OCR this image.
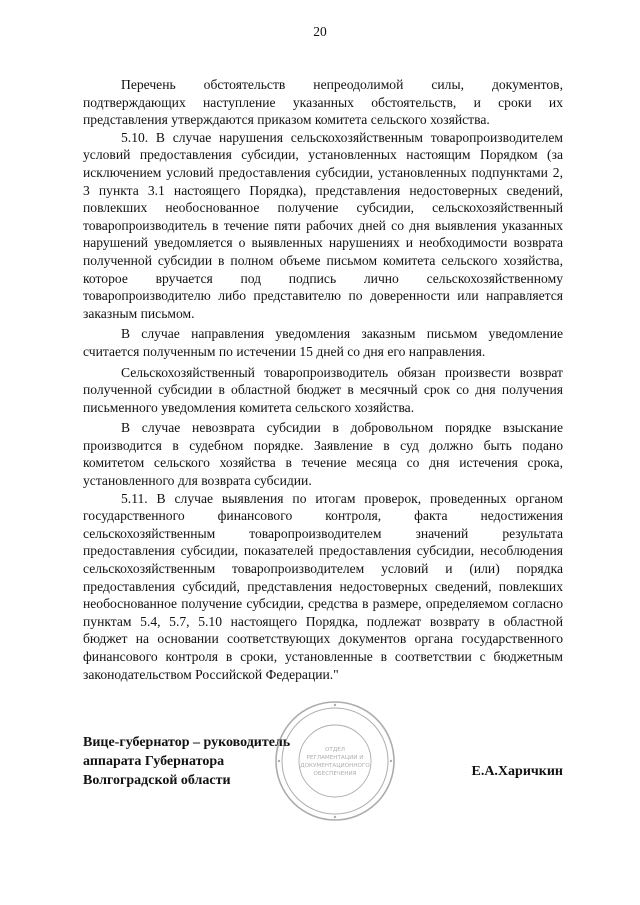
20

Перечень обстоятельств непреодолимой силы, документов, подтверждающих наступление указанных обстоятельств, и сроки их представления утверждаются приказом комитета сельского хозяйства.

5.10. В случае нарушения сельскохозяйственным товаропроизводителем условий предоставления субсидии, установленных настоящим Порядком (за исключением условий предоставления субсидии, установленных подпунктами 2, 3 пункта 3.1 настоящего Порядка), представления недостоверных сведений, повлекших необоснованное получение субсидии, сельскохозяйственный товаропроизводитель в течение пяти рабочих дней со дня выявления указанных нарушений уведомляется о выявленных нарушениях и необходимости возврата полученной субсидии в полном объеме письмом комитета сельского хозяйства, которое вручается под подпись лично сельскохозяйственному товаропроизводителю либо представителю по доверенности или направляется заказным письмом.

В случае направления уведомления заказным письмом уведомление считается полученным по истечении 15 дней со дня его направления.

Сельскохозяйственный товаропроизводитель обязан произвести возврат полученной субсидии в областной бюджет в месячный срок со дня получения письменного уведомления комитета сельского хозяйства.

В случае невозврата субсидии в добровольном порядке взыскание производится в судебном порядке. Заявление в суд должно быть подано комитетом сельского хозяйства в течение месяца со дня истечения срока, установленного для возврата субсидии.

5.11. В случае выявления по итогам проверок, проведенных органом государственного финансового контроля, факта недостижения сельскохозяйственным товаропроизводителем значений результата предоставления субсидии, показателей предоставления субсидии, несоблюдения сельскохозяйственным товаропроизводителем условий и (или) порядка предоставления субсидий, представления недостоверных сведений, повлекших необоснованное получение субсидии, средства в размере, определяемом согласно пунктам 5.4, 5.7, 5.10 настоящего Порядка, подлежат возврату в областной бюджет на основании соответствующих документов органа государственного финансового контроля в сроки, установленные в соответствии с бюджетным законодательством Российской Федерации."

Вице-губернатор – руководитель
аппарата Губернатора
Волгоградской области
ОТДЕЛ
РЕГЛАМЕНТАЦИИ И
ДОКУМЕНТАЦИОННОГО
ОБЕСПЕЧЕНИЯ	Е.А.Харичкин
